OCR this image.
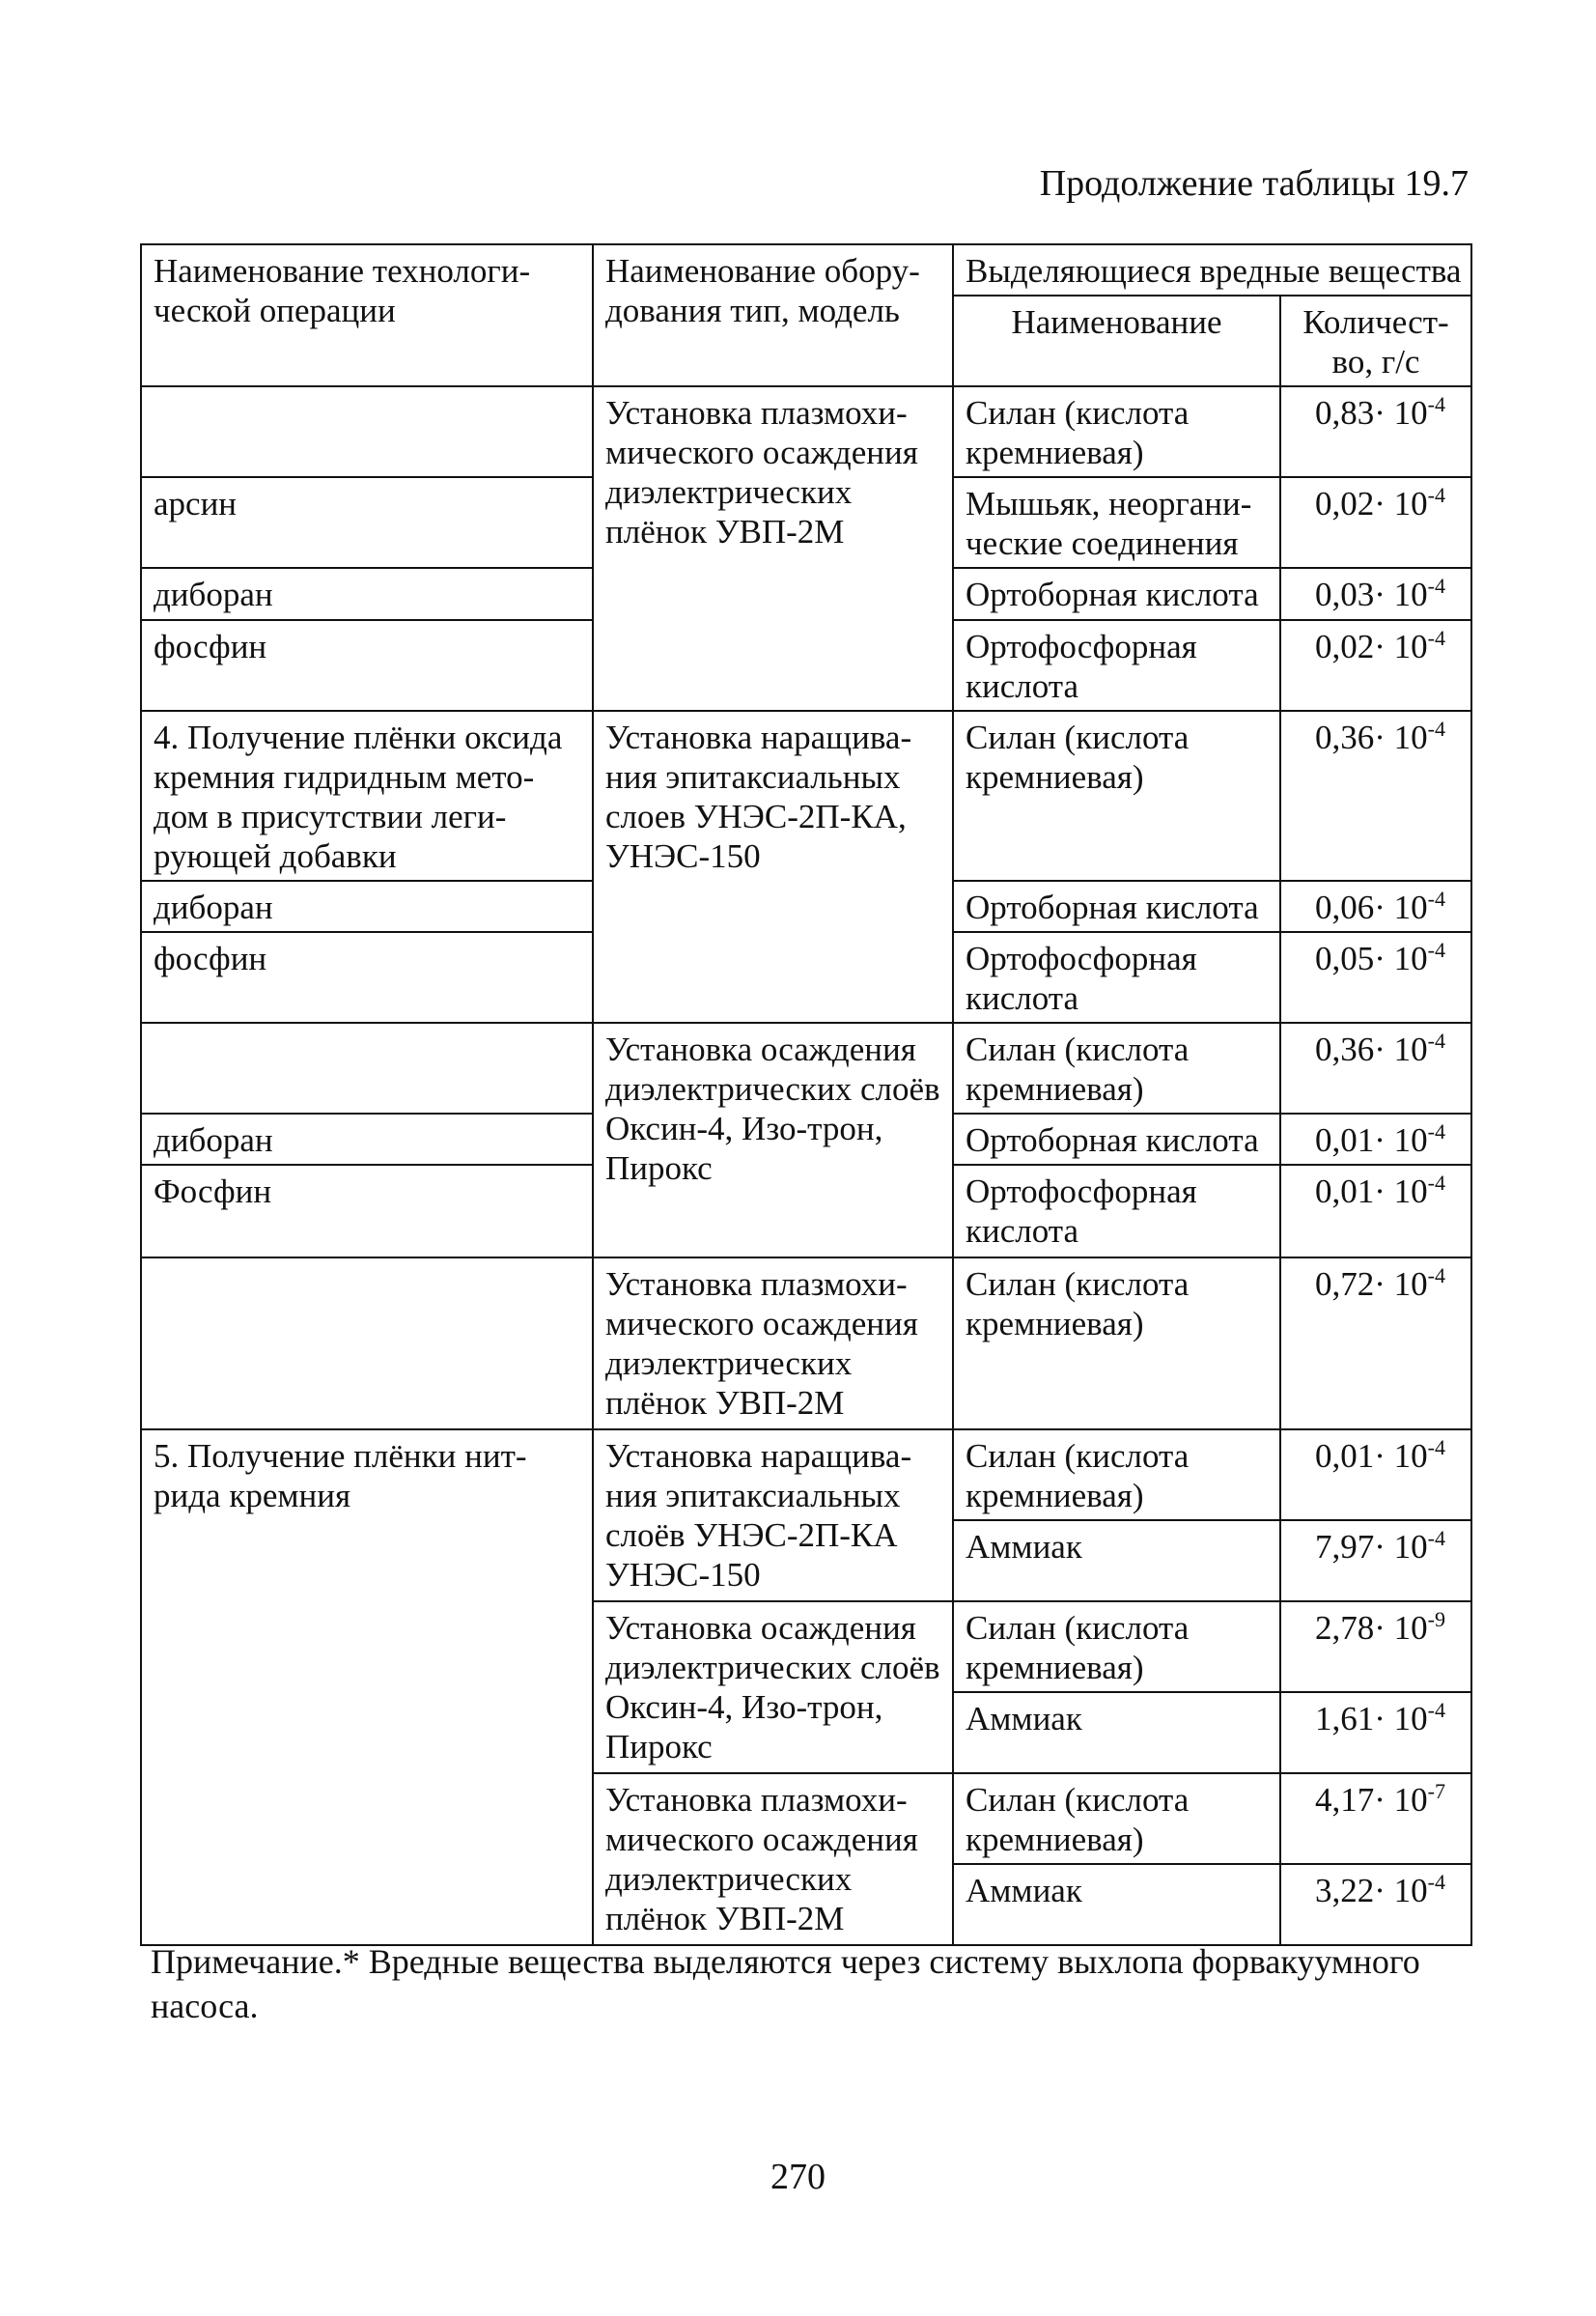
Продолжение таблицы 19.7
Наименование технологи-ческой операции	Наименование обору-дования тип, модель	Выделяющиеся вредные вещества	
		Наименование	Количест-во, г/с
	Установка плазмохи-мического осаждения диэлектрических плёнок УВП-2М	Силан (кислота кремниевая)	$0,83\cdot 10^{-4}$
арсин		Мышьяк, неоргани-ческие соединения	$0,02\cdot 10^{-4}$
диборан		Ортоборная кислота	$0,03\cdot 10^{-4}$
фосфин		Ортофосфорная кислота	$0,02\cdot 10^{-4}$
4. Получение плёнки оксида кремния гидридным мето-дом в присутствии леги-рующей добавки	Установка наращива-ния эпитаксиальных слоев УНЭС-2П-КА, УНЭС-150	Силан (кислота кремниевая)	$0,36\cdot 10^{-4}$
диборан		Ортоборная кислота	$0,06\cdot 10^{-4}$
фосфин		Ортофосфорная кислота	$0,05\cdot 10^{-4}$
	Установка осаждения диэлектрических слоёв Оксин-4, Изо-трон, Пирокс	Силан (кислота кремниевая)	$0,36\cdot 10^{-4}$
диборан		Ортоборная кислота	$0,01\cdot 10^{-4}$
Фосфин		Ортофосфорная кислота	$0,01\cdot 10^{-4}$
	Установка плазмохи-мического осаждения диэлектрических плёнок УВП-2М	Силан (кислота кремниевая)	$0,72\cdot 10^{-4}$
5. Получение плёнки нит-рида кремния	Установка наращива-ния эпитаксиальных слоёв УНЭС-2П-КА УНЭС-150	Силан (кислота кремниевая)	$0,01\cdot 10^{-4}$
		Аммиак	$7,97\cdot 10^{-4}$
	Установка осаждения диэлектрических слоёв Оксин-4, Изо-трон, Пирокс	Силан (кислота кремниевая)	$2,78\cdot 10^{-9}$
		Аммиак	$1,61\cdot 10^{-4}$
	Установка плазмохи-мического осаждения диэлектрических плёнок УВП-2М	Силан (кислота кремниевая)	$4,17\cdot 10^{-7}$
		Аммиак	$3,22\cdot 10^{-4}$
Примечание.* Вредные вещества выделяются через систему выхлопа форвакуумного насоса.
270
